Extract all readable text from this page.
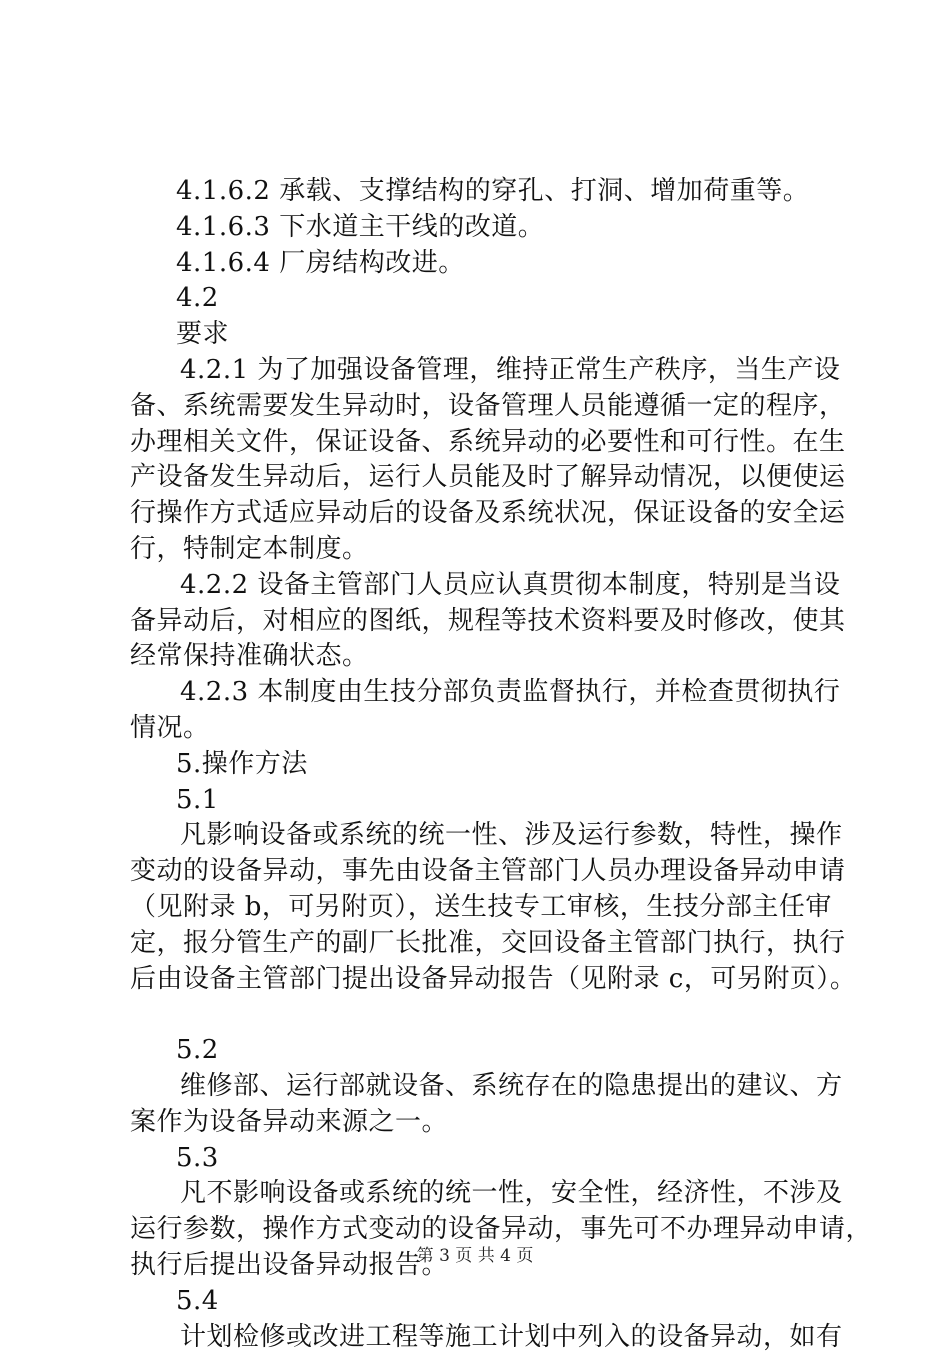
4.1.6.2 承载、支撑结构的穿孔、打洞、增加荷重等。
4.1.6.3 下水道主干线的改道。
4.1.6.4 厂房结构改进。
4.2
要求
4.2.1 为了加强设备管理，维持正常生产秩序，当生产设
备、系统需要发生异动时，设备管理人员能遵循一定的程序，
办理相关文件，保证设备、系统异动的必要性和可行性。在生
产设备发生异动后，运行人员能及时了解异动情况，以便使运
行操作方式适应异动后的设备及系统状况，保证设备的安全运
行，特制定本制度。
4.2.2 设备主管部门人员应认真贯彻本制度，特别是当设
备异动后，对相应的图纸，规程等技术资料要及时修改，使其
经常保持准确状态。
4.2.3 本制度由生技分部负责监督执行，并检查贯彻执行
情况。
5.操作方法
5.1
凡影响设备或系统的统一性、涉及运行参数，特性，操作
变动的设备异动，事先由设备主管部门人员办理设备异动申请
（见附录 b，可另附页），送生技专工审核，生技分部主任审
定，报分管生产的副厂长批准，交回设备主管部门执行，执行
后由设备主管部门提出设备异动报告（见附录 c，可另附页）。
5.2
维修部、运行部就设备、系统存在的隐患提出的建议、方
案作为设备异动来源之一。
5.3
凡不影响设备或系统的统一性，安全性，经济性，不涉及
运行参数，操作方式变动的设备异动，事先可不办理异动申请，
执行后提出设备异动报告。
5.4
计划检修或改进工程等施工计划中列入的设备异动，如有
第 3 页 共 4 页
